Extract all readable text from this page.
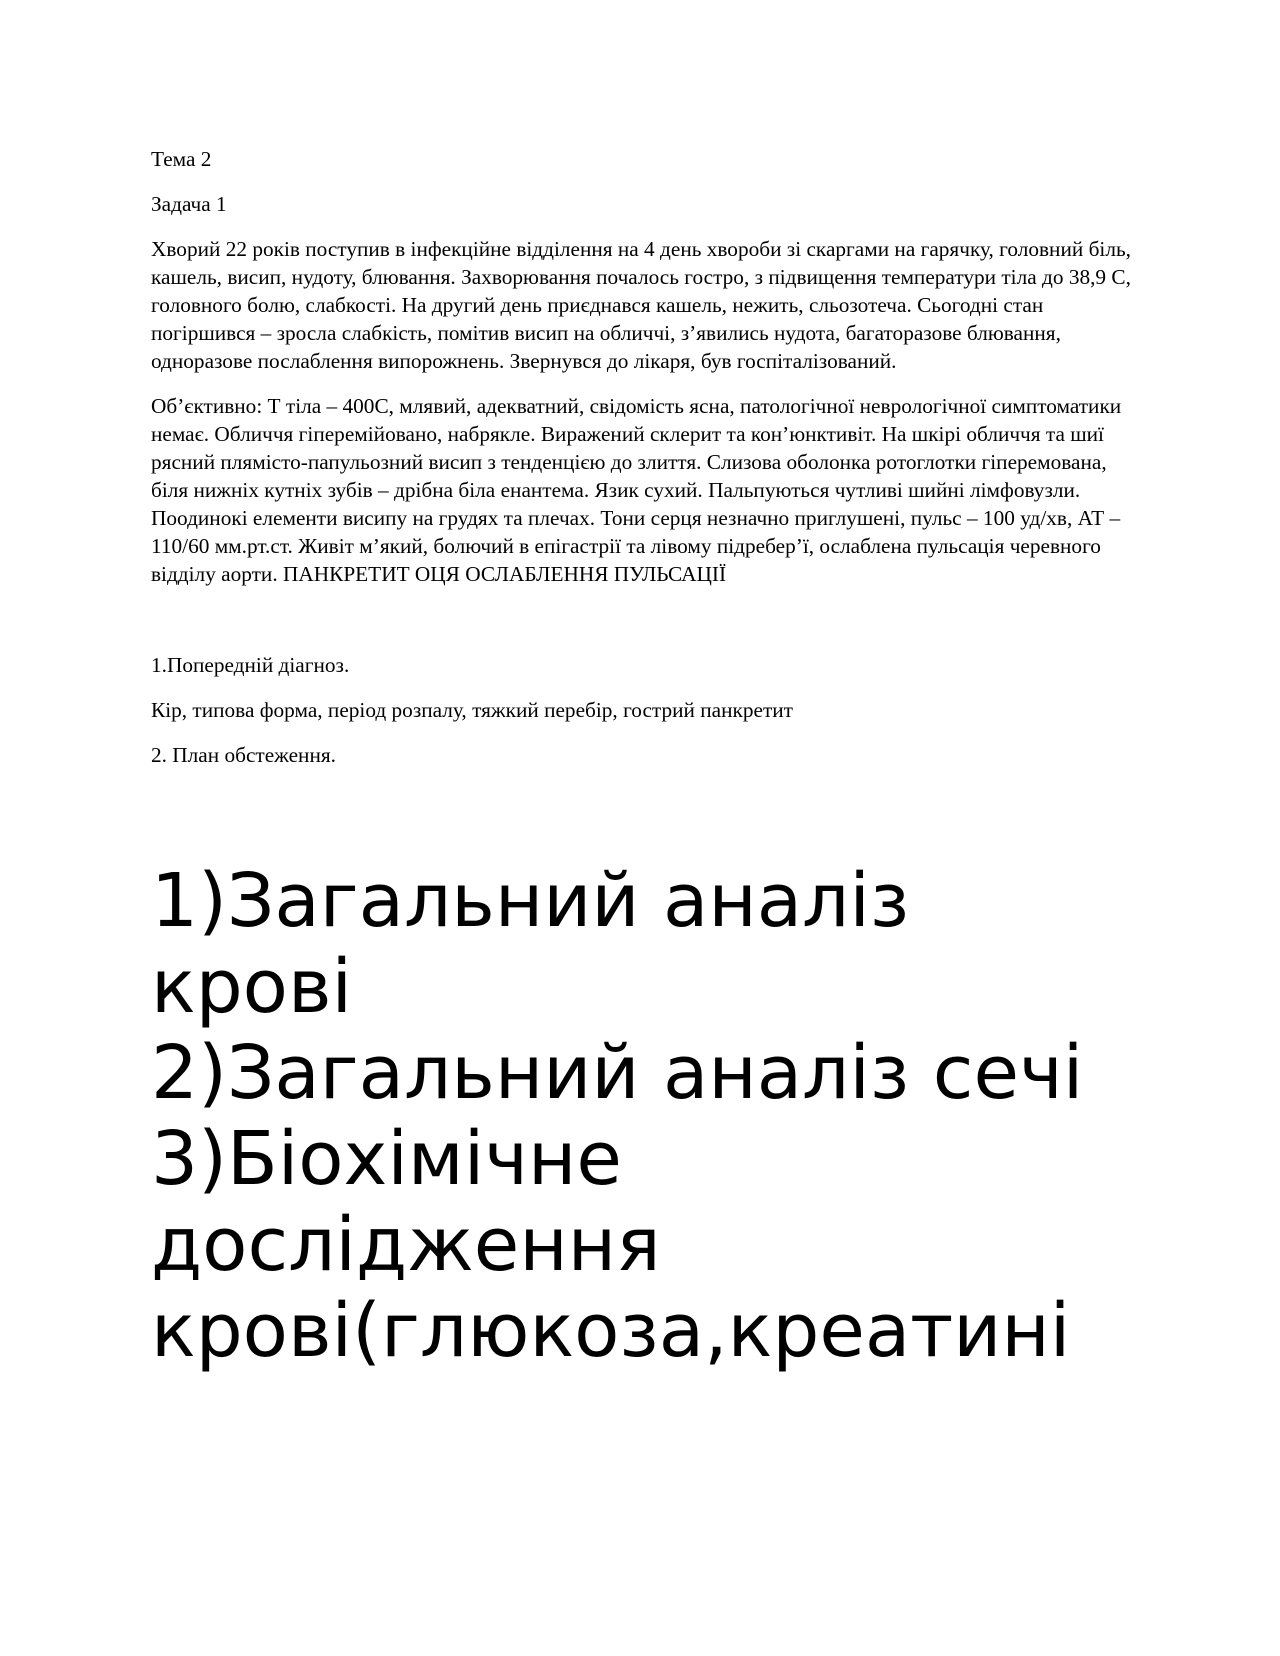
Тема 2

Задача 1

Хворий 22 років поступив в інфекційне відділення на 4 день хвороби зі скаргами на гарячку, головний біль, кашель, висип, нудоту, блювання. Захворювання почалось гостро, з підвищення температури тіла до 38,9 С, головного болю, слабкості. На другий день приєднався кашель, нежить, сльозотеча. Сьогодні стан погіршився – зросла слабкість, помітив висип на обличчі, з’явились нудота, багаторазове блювання, одноразове послаблення випорожнень. Звернувся до лікаря, був госпіталізований.

Об’єктивно: Т тіла – 400С, млявий, адекватний, свідомість ясна, патологічної неврологічної симптоматики немає. Обличчя гіперемійовано, набрякле. Виражений склерит та кон’юнктивіт. На шкірі обличчя та шиї рясний плямісто-папульозний висип з тенденцією до злиття. Слизова оболонка ротоглотки гіперемована, біля нижніх кутніх зубів – дрібна біла енантема. Язик сухий. Пальпуються чутливі шийні лімфовузли. Поодинокі елементи висипу на грудях та плечах. Тони серця незначно приглушені, пульс – 100 уд/хв, АТ – 110/60 мм.рт.ст. Живіт м’який, болючий в епігастрії та лівому підребер’ї, ослаблена пульсація черевного відділу аорти. ПАНКРЕТИТ ОЦЯ ОСЛАБЛЕННЯ ПУЛЬСАЦІЇ

1.Попередній діагноз.

Кір, типова форма, період розпалу, тяжкий перебір, гострий панкретит

2. План обстеження.

1)Загальний аналіз
крові
2)Загальний аналіз сечі
3)Біохімічне
дослідження
крові(глюкоза,креатині
